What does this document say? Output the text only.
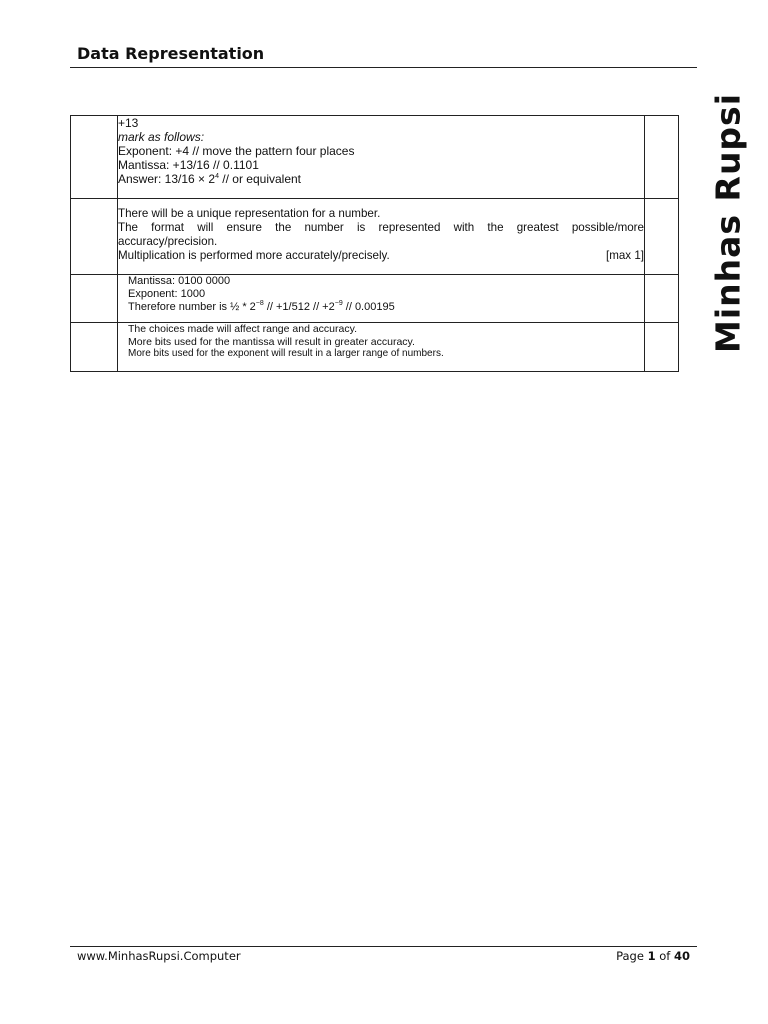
Data Representation
Minhas Rupsi

	+13
mark as follows:
Exponent: +4 // move the pattern four places
Mantissa: +13/16 // 0.1101
Answer: $13/16 \times 2^4$ // or equivalent	

	There will be a unique representation for a number.
The format will ensure the number is represented with the greatest possible/more
accuracy/precision.
Multiplication is performed more accurately/precisely. [max 1]	

	Mantissa: 0100 0000
Exponent: 1000
Therefore number is ½ * $2^{-8} // +1/512 // +2^{-9} // 0.00195$	

	The choices made will affect range and accuracy.
More bits used for the mantissa will result in greater accuracy.
More bits used for the exponent will result in a larger range of numbers.	

www.MinhasRupsi.Computer	Page 1 of 40
